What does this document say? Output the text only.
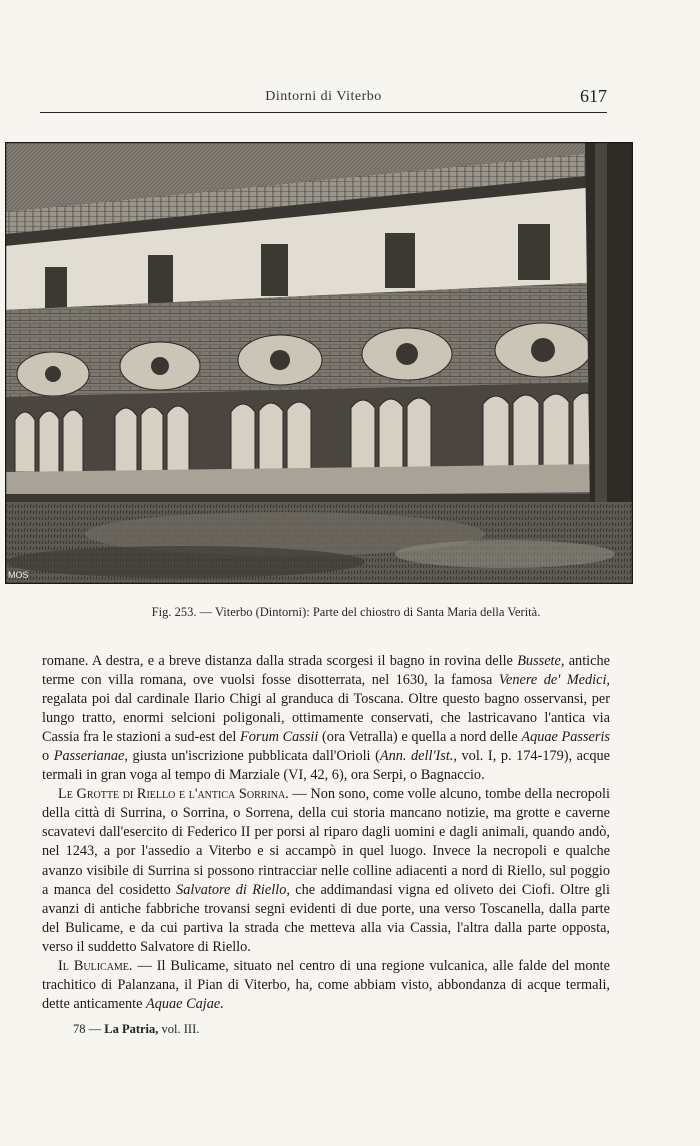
Dintorni di Viterbo	617
MOS
Fig. 253. — Viterbo (Dintorni): Parte del chiostro di Santa Maria della Verità.

romane. A destra, e a breve distanza dalla strada scorgesi il bagno in rovina delle Bussete, antiche terme con villa romana, ove vuolsi fosse disotterrata, nel 1630, la famosa Venere de' Medici, regalata poi dal cardinale Ilario Chigi al granduca di Toscana. Oltre questo bagno osservansi, per lungo tratto, enormi selcioni poligonali, ottimamente conservati, che lastricavano l'antica via Cassia fra le stazioni a sud-est del Forum Cassii (ora Vetralla) e quella a nord delle Aquae Passeris o Passerianae, giusta un'iscrizione pubblicata dall'Orioli (Ann. dell'Ist., vol. I, p. 174-179), acque termali in gran voga al tempo di Marziale (VI, 42, 6), ora Serpi, o Bagnaccio.

Le Grotte di Riello e l'antica Sorrina. — Non sono, come volle alcuno, tombe della necropoli della città di Surrina, o Sorrina, o Sorrena, della cui storia mancano notizie, ma grotte e caverne scavatevi dall'esercito di Federico II per porsi al riparo dagli uomini e dagli animali, quando andò, nel 1243, a por l'assedio a Viterbo e si accampò in quel luogo. Invece la necropoli e qualche avanzo visibile di Surrina si possono rintracciar nelle colline adiacenti a nord di Riello, sul poggio a manca del cosidetto Salvatore di Riello, che addimandasi vigna ed oliveto dei Ciofi. Oltre gli avanzi di antiche fabbriche trovansi segni evidenti di due porte, una verso Toscanella, dalla parte del Bulicame, e da cui partiva la strada che metteva alla via Cassia, l'altra dalla parte opposta, verso il suddetto Salvatore di Riello.

Il Bulicame. — Il Bulicame, situato nel centro di una regione vulcanica, alle falde del monte trachitico di Palanzana, il Pian di Viterbo, ha, come abbiam visto, abbondanza di acque termali, dette anticamente Aquae Cajae.

78 — La Patria, vol. III.
